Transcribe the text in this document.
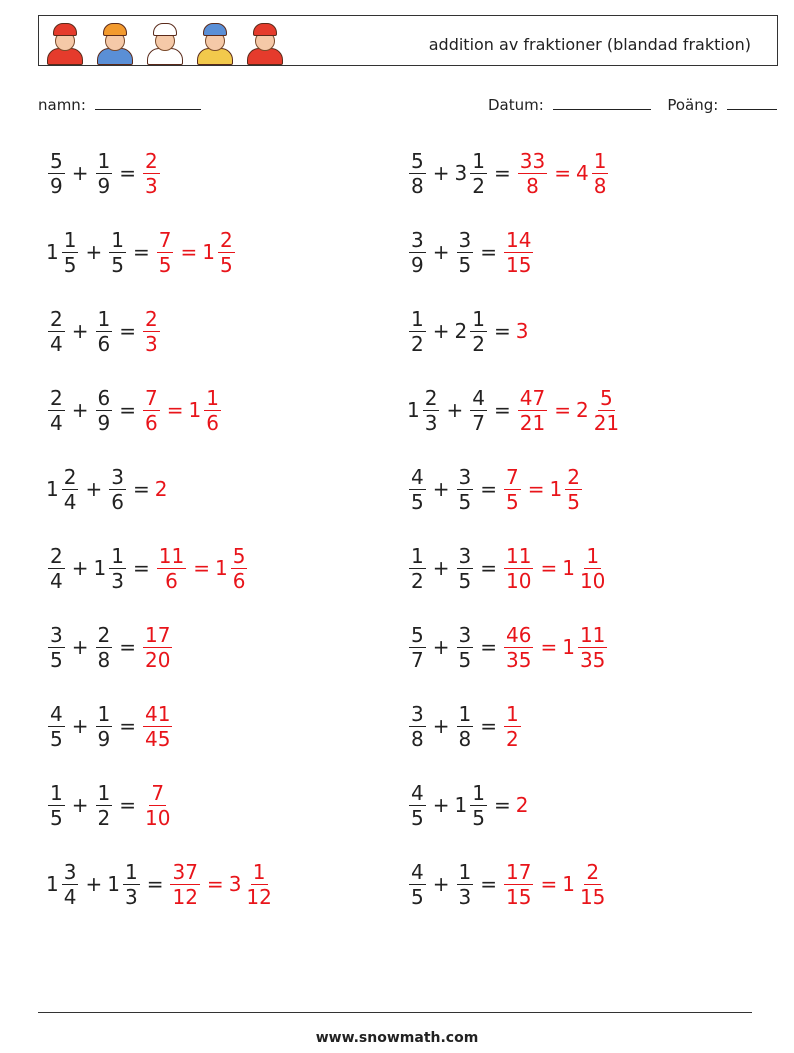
addition av fraktioner (blandad fraktion)
namn:	Datum:	Poäng:
$\frac{5}{9} + \frac{1}{9} = \frac{2}{3}$	$\frac{5}{8} + 3 \frac{1}{2} = \frac{33}{8} = 4 \frac{1}{8}$
$1 \frac{1}{5} + \frac{1}{5} = \frac{7}{5} = 1 \frac{2}{5}$	$\frac{3}{9} + \frac{3}{5} = \frac{14}{15}$
$\frac{2}{4} + \frac{1}{6} = \frac{2}{3}$	$\frac{1}{2} + 2 \frac{1}{2} = 3$
$\frac{2}{4} + \frac{6}{9} = \frac{7}{6} = 1 \frac{1}{6}$	$1 \frac{2}{3} + \frac{4}{7} = \frac{47}{21} = 2 \frac{5}{21}$
$1 \frac{2}{4} + \frac{3}{6} = 2$	$\frac{4}{5} + \frac{3}{5} = \frac{7}{5} = 1 \frac{2}{5}$
$\frac{2}{4} + 1 \frac{1}{3} = \frac{11}{6} = 1 \frac{5}{6}$	$\frac{1}{2} + \frac{3}{5} = \frac{11}{10} = 1 \frac{1}{10}$
$\frac{3}{5} + \frac{2}{8} = \frac{17}{20}$	$\frac{5}{7} + \frac{3}{5} = \frac{46}{35} = 1 \frac{11}{35}$
$\frac{4}{5} + \frac{1}{9} = \frac{41}{45}$	$\frac{3}{8} + \frac{1}{8} = \frac{1}{2}$
$\frac{1}{5} + \frac{1}{2} = \frac{7}{10}$	$\frac{4}{5} + 1 \frac{1}{5} = 2$
$1 \frac{3}{4} + 1 \frac{1}{3} = \frac{37}{12} = 3 \frac{1}{12}$	$\frac{4}{5} + \frac{1}{3} = \frac{17}{15} = 1 \frac{2}{15}$
www.snowmath.com
